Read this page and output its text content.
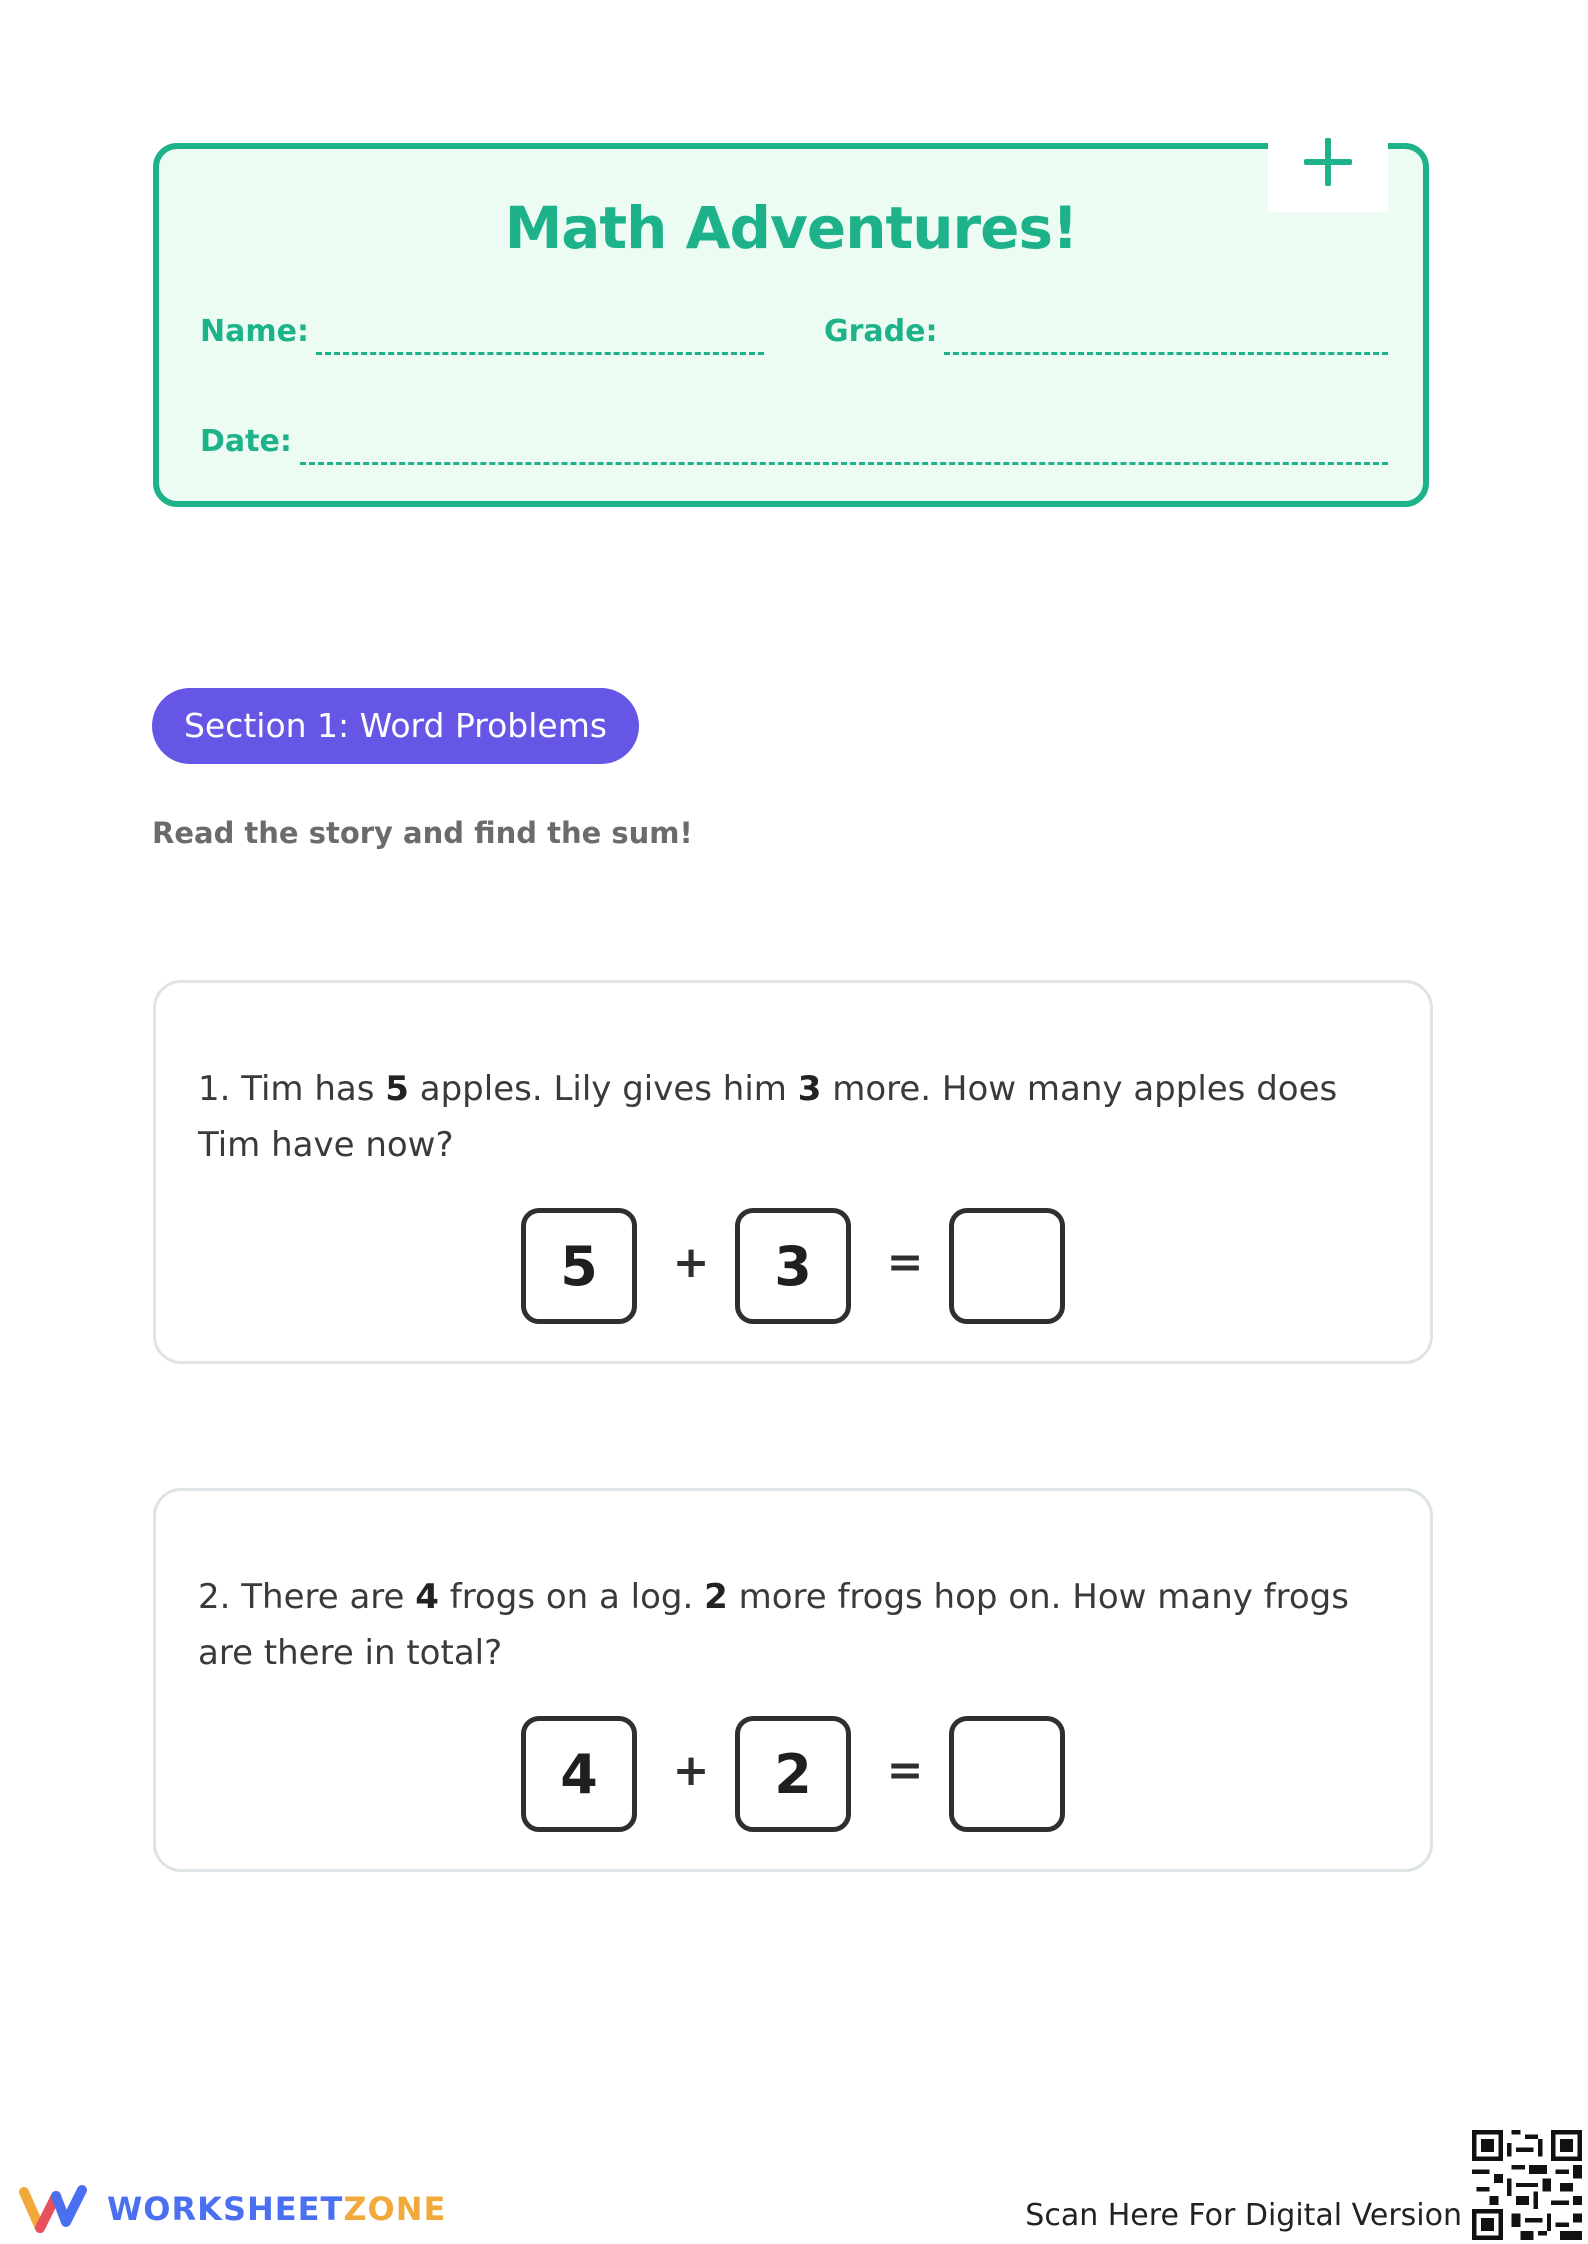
Math Adventures!
Name:	Grade:
Date:
Section 1: Word Problems
Read the story and find the sum!
1. Tim has 5 apples. Lily gives him 3 more. How many apples does Tim have now?
5	+	3	=
2. There are 4 frogs on a log. 2 more frogs hop on. How many frogs are there in total?
4	+	2	=
WORKSHEETZONE	Scan Here For Digital Version
